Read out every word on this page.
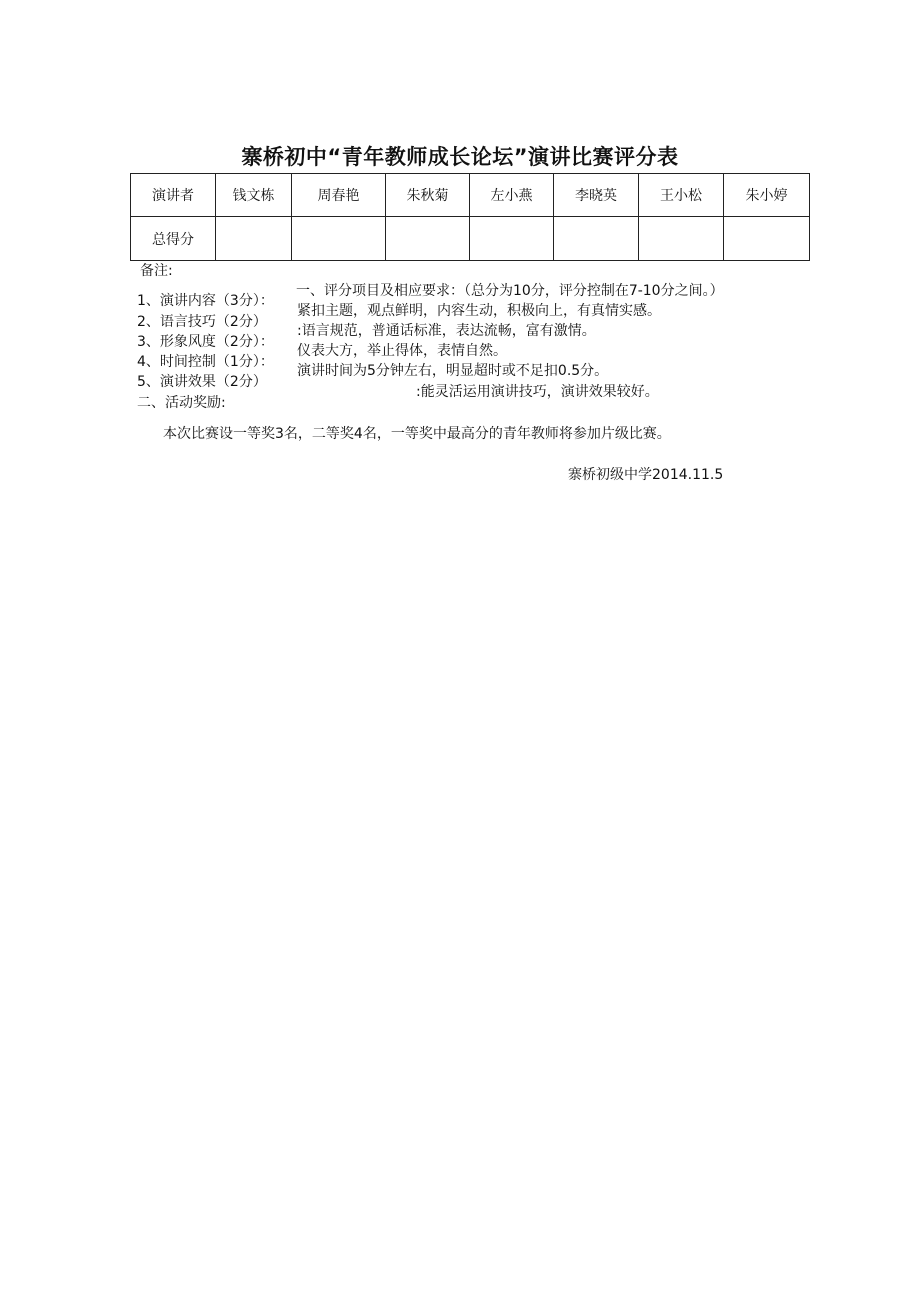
寨桥初中“青年教师成长论坛”演讲比赛评分表
演讲者	钱文栋	周春艳	朱秋菊	左小燕	李晓英	王小松	朱小婷
总得分							
备注:
一、评分项目及相应要求：（总分为10分，评分控制在7-10分之间。）
1、演讲内容（3分）：
紧扣主题，观点鲜明，内容生动，积极向上，有真情实感。
2、语言技巧（2分）
:语言规范，普通话标准，表达流畅，富有激情。
3、形象风度（2分）：
仪表大方，举止得体，表情自然。
4、时间控制（1分）：
演讲时间为5分钟左右，明显超时或不足扣0.5分。
5、演讲效果（2分）
:能灵活运用演讲技巧，演讲效果较好。
二、活动奖励:
本次比赛设一等奖3名，二等奖4名，一等奖中最高分的青年教师将参加片级比赛。
寨桥初级中学2014.11.5
